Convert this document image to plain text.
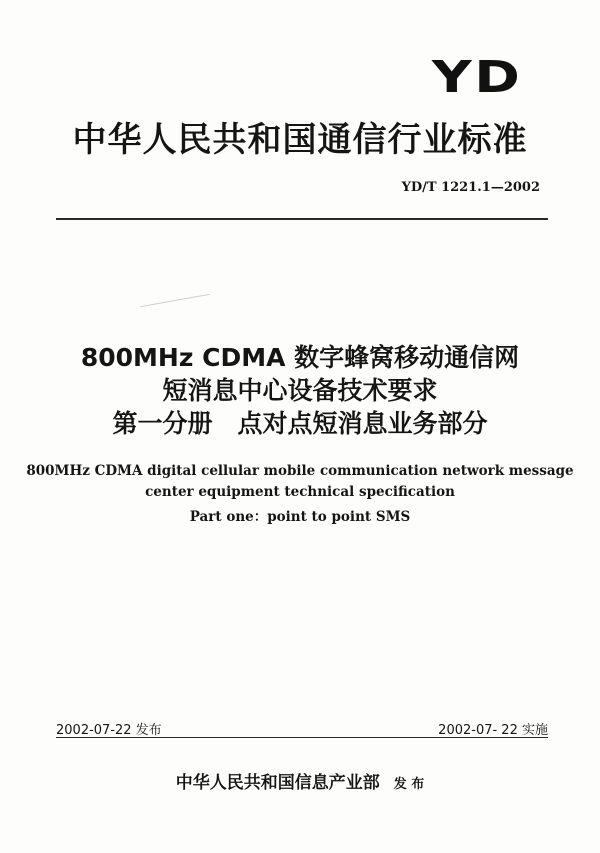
YD
中华人民共和国通信行业标准
YD/T 1221.1—2002
800MHz CDMA 数字蜂窝移动通信网
短消息中心设备技术要求
第一分册　点对点短消息业务部分
800MHz CDMA digital cellular mobile communication network message
center equipment technical specification
Part one：point to point SMS
2002-07-22 发布	2002-07- 22 实施
中华人民共和国信息产业部 发 布
